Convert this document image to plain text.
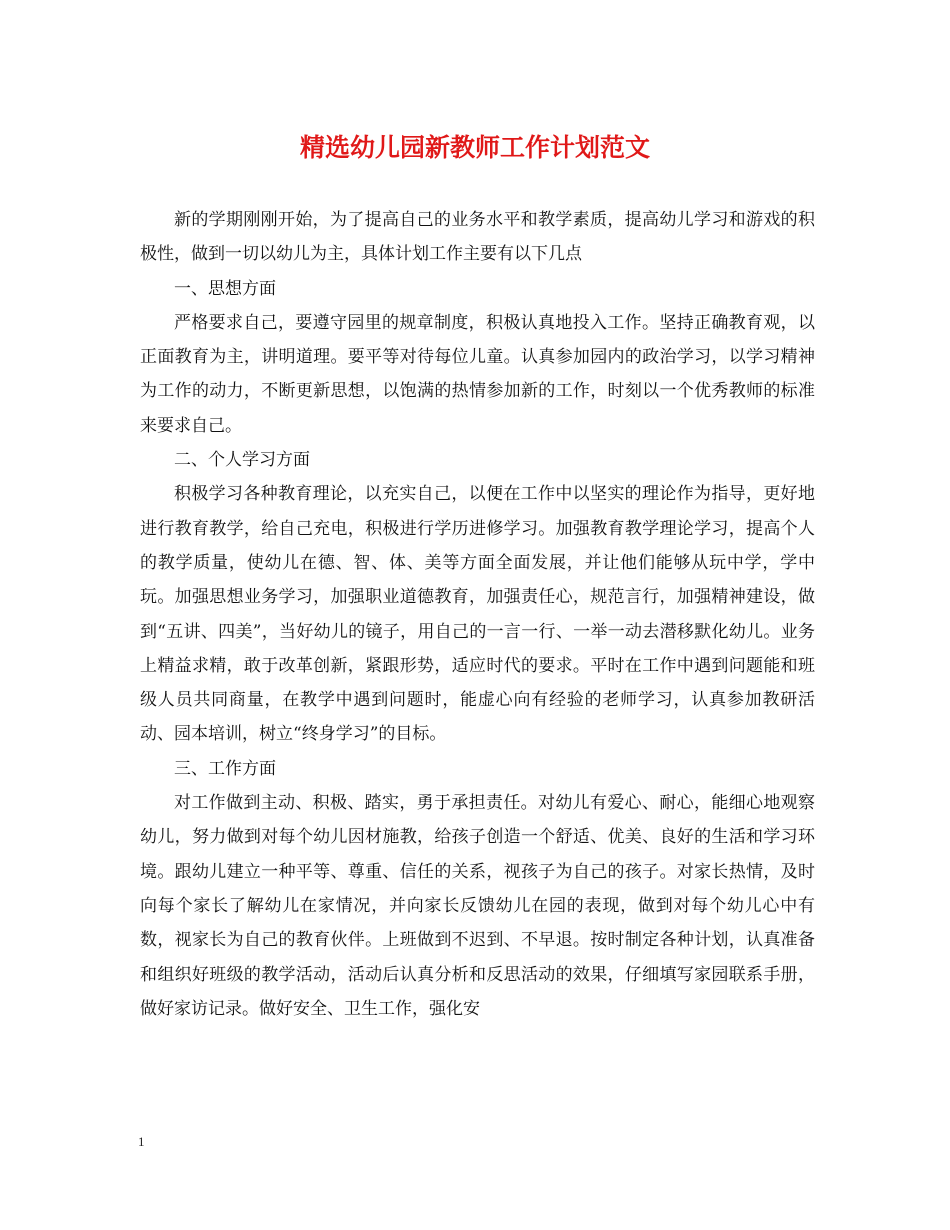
精选幼儿园新教师工作计划范文

新的学期刚刚开始，为了提高自己的业务水平和教学素质，提高幼儿学习和游戏的积极性，做到一切以幼儿为主，具体计划工作主要有以下几点

一、思想方面

严格要求自己，要遵守园里的规章制度，积极认真地投入工作。坚持正确教育观，以正面教育为主，讲明道理。要平等对待每位儿童。认真参加园内的政治学习，以学习精神为工作的动力，不断更新思想，以饱满的热情参加新的工作，时刻以一个优秀教师的标准来要求自己。

二、个人学习方面

积极学习各种教育理论，以充实自己，以便在工作中以坚实的理论作为指导，更好地进行教育教学，给自己充电，积极进行学历进修学习。加强教育教学理论学习，提高个人的教学质量，使幼儿在德、智、体、美等方面全面发展，并让他们能够从玩中学，学中玩。加强思想业务学习，加强职业道德教育，加强责任心，规范言行，加强精神建设，做到“五讲、四美”，当好幼儿的镜子，用自己的一言一行、一举一动去潜移默化幼儿。业务上精益求精，敢于改革创新，紧跟形势，适应时代的要求。平时在工作中遇到问题能和班级人员共同商量，在教学中遇到问题时，能虚心向有经验的老师学习，认真参加教研活动、园本培训，树立“终身学习”的目标。

三、工作方面

对工作做到主动、积极、踏实，勇于承担责任。对幼儿有爱心、耐心，能细心地观察幼儿，努力做到对每个幼儿因材施教，给孩子创造一个舒适、优美、良好的生活和学习环境。跟幼儿建立一种平等、尊重、信任的关系，视孩子为自己的孩子。对家长热情，及时向每个家长了解幼儿在家情况，并向家长反馈幼儿在园的表现，做到对每个幼儿心中有数，视家长为自己的教育伙伴。上班做到不迟到、不早退。按时制定各种计划，认真准备和组织好班级的教学活动，活动后认真分析和反思活动的效果，仔细填写家园联系手册，做好家访记录。做好安全、卫生工作，强化安

1
